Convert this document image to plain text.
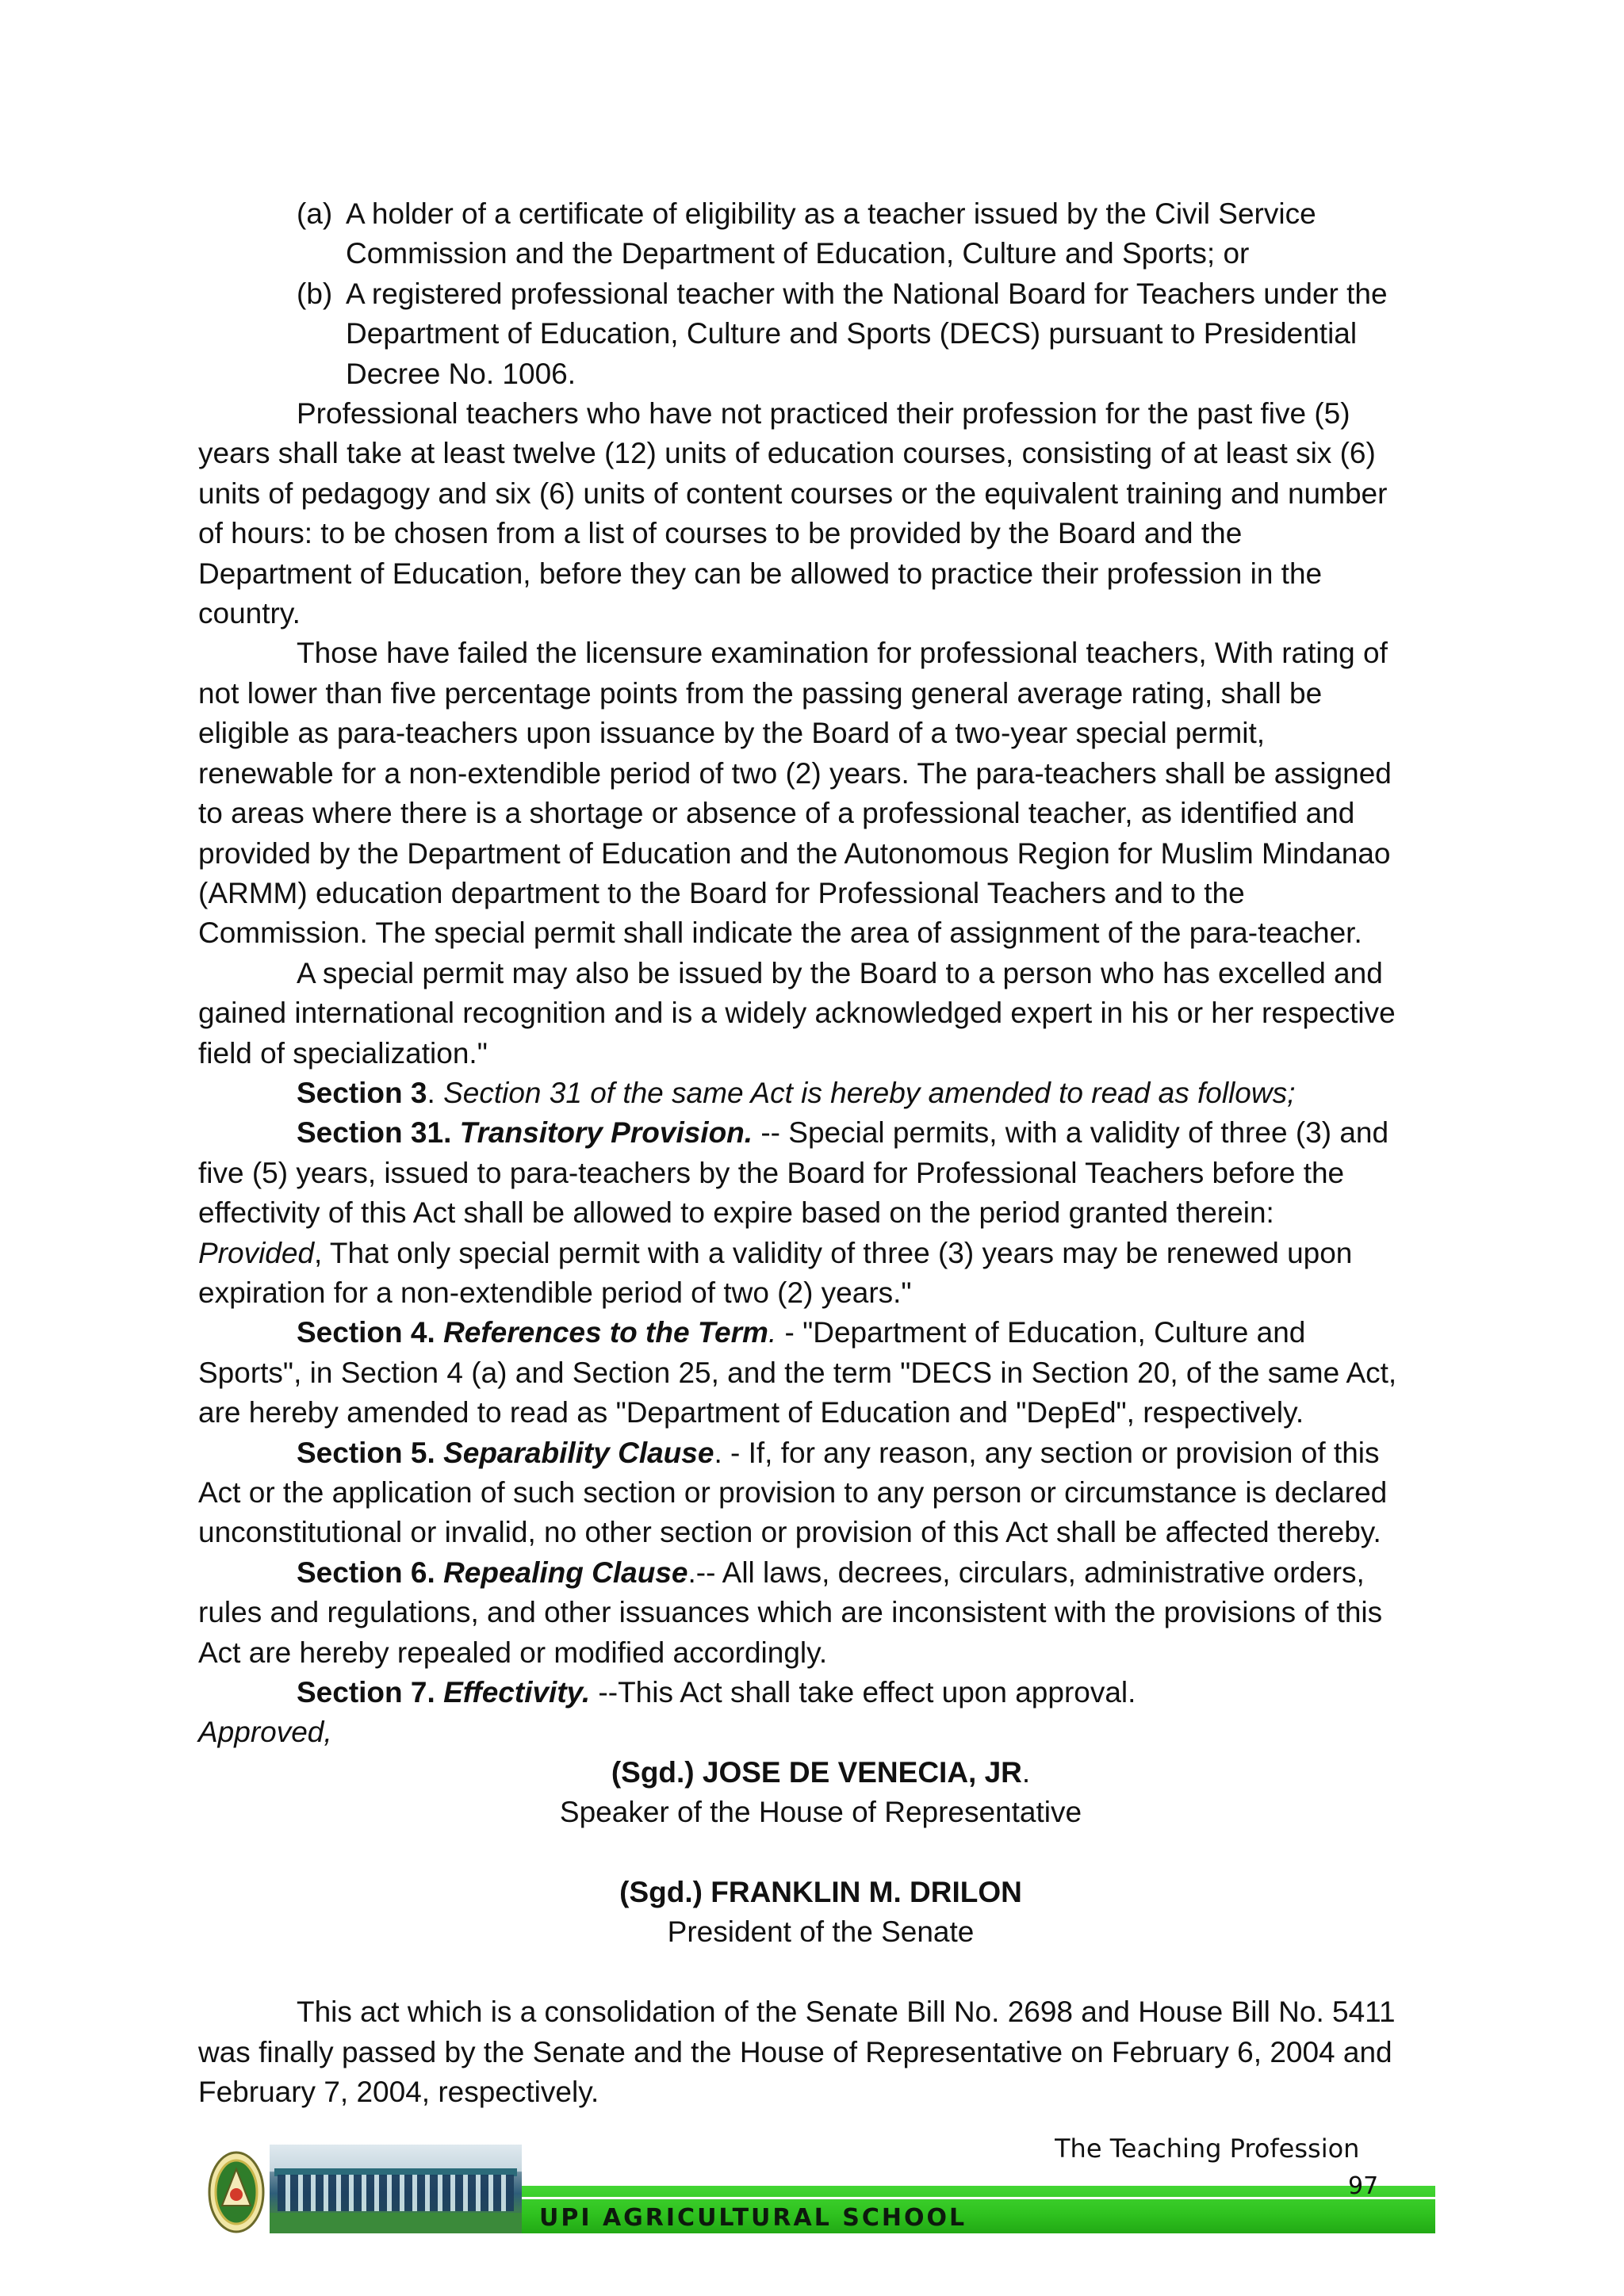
(a) A holder of a certificate of eligibility as a teacher issued by the Civil Service
Commission and the Department of Education, Culture and Sports; or
(b) A registered professional teacher with the National Board for Teachers under the
Department of Education, Culture and Sports (DECS) pursuant to Presidential
Decree No. 1006.

Professional teachers who have not practiced their profession for the past five (5)
years shall take at least twelve (12) units of education courses, consisting of at least six (6)
units of pedagogy and six (6) units of content courses or the equivalent training and number
of hours: to be chosen from a list of courses to be provided by the Board and the
Department of Education, before they can be allowed to practice their profession in the
country.

Those have failed the licensure examination for professional teachers, With rating of
not lower than five percentage points from the passing general average rating, shall be
eligible as para-teachers upon issuance by the Board of a two-year special permit,
renewable for a non-extendible period of two (2) years. The para-teachers shall be assigned
to areas where there is a shortage or absence of a professional teacher, as identified and
provided by the Department of Education and the Autonomous Region for Muslim Mindanao
(ARMM) education department to the Board for Professional Teachers and to the
Commission. The special permit shall indicate the area of assignment of the para-teacher.

A special permit may also be issued by the Board to a person who has excelled and
gained international recognition and is a widely acknowledged expert in his or her respective
field of specialization."

Section 3. Section 31 of the same Act is hereby amended to read as follows;

Section 31. Transitory Provision. -- Special permits, with a validity of three (3) and
five (5) years, issued to para-teachers by the Board for Professional Teachers before the
effectivity of this Act shall be allowed to expire based on the period granted therein:
Provided, That only special permit with a validity of three (3) years may be renewed upon
expiration for a non-extendible period of two (2) years."

Section 4. References to the Term. - "Department of Education, Culture and
Sports", in Section 4 (a) and Section 25, and the term "DECS in Section 20, of the same Act,
are hereby amended to read as "Department of Education and "DepEd", respectively.

Section 5. Separability Clause. - If, for any reason, any section or provision of this
Act or the application of such section or provision to any person or circumstance is declared
unconstitutional or invalid, no other section or provision of this Act shall be affected thereby.

Section 6. Repealing Clause.-- All laws, decrees, circulars, administrative orders,
rules and regulations, and other issuances which are inconsistent with the provisions of this
Act are hereby repealed or modified accordingly.

Section 7. Effectivity. --This Act shall take effect upon approval.

Approved,

(Sgd.) JOSE DE VENECIA, JR.

Speaker of the House of Representative

(Sgd.) FRANKLIN M. DRILON

President of the Senate

This act which is a consolidation of the Senate Bill No. 2698 and House Bill No. 5411
was finally passed by the Senate and the House of Representative on February 6, 2004 and
February 7, 2004, respectively.

The Teaching Profession
UPI AGRICULTURAL SCHOOL
97
